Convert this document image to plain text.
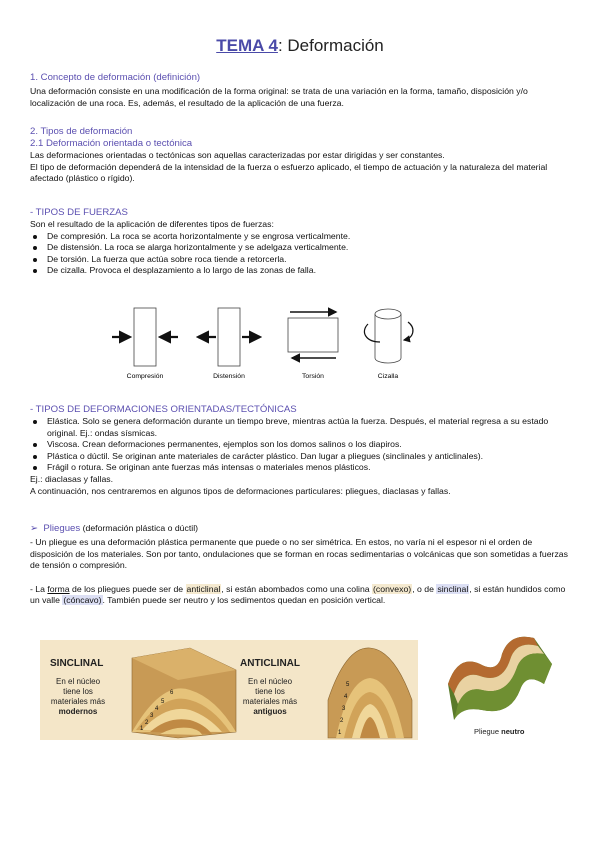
TEMA 4: Deformación
1. Concepto de deformación (definición)

Una deformación consiste en una modificación de la forma original: se trata de una variación en la forma, tamaño, disposición y/o localización de una roca. Es, además, el resultado de la aplicación de una fuerza.

2. Tipos de deformación
2.1 Deformación orientada o tectónica

Las deformaciones orientadas o tectónicas son aquellas caracterizadas por estar dirigidas y ser constantes.

El tipo de deformación dependerá de la intensidad de la fuerza o esfuerzo aplicado, el tiempo de actuación y la naturaleza del material afectado (plástico o rígido).

- TIPOS DE FUERZAS

Son el resultado de la aplicación de diferentes tipos de fuerzas:

De compresión. La roca se acorta horizontalmente y se engrosa verticalmente.
De distensión. La roca se alarga horizontalmente y se adelgaza verticalmente.
De torsión. La fuerza que actúa sobre roca tiende a retorcerla.
De cizalla. Provoca el desplazamiento a lo largo de las zonas de falla.
Compresión	Distensión	Torsión	Cizalla
- TIPOS DE DEFORMACIONES ORIENTADAS/TECTÓNICAS
Elástica. Solo se genera deformación durante un tiempo breve, mientras actúa la fuerza. Después, el material regresa a su estado original. Ej.: ondas sísmicas.
Viscosa. Crean deformaciones permanentes, ejemplos son los domos salinos o los diapiros.
Plástica o dúctil. Se originan ante materiales de carácter plástico. Dan lugar a pliegues (sinclinales y anticlinales).
Frágil o rotura. Se originan ante fuerzas más intensas o materiales menos plásticos.

Ej.: diaclasas y fallas.

A continuación, nos centraremos en algunos tipos de deformaciones particulares: pliegues, diaclasas y fallas.

➢ Pliegues (deformación plástica o dúctil)

- Un pliegue es una deformación plástica permanente que puede o no ser simétrica. En estos, no varía ni el espesor ni el orden de disposición de los materiales. Son por tanto, ondulaciones que se forman en rocas sedimentarias o volcánicas que son sometidas a fuerzas de tensión o compresión.

- La forma de los pliegues puede ser de anticlinal, si están abombados como una colina (convexo), o de sinclinal, si están hundidos como un valle (cóncavo). También puede ser neutro y los sedimentos quedan en posición vertical.

SINCLINAL
En el núcleo
tiene los
materiales más
modernos
1
2
3
4
5
6
ANTICLINAL
En el núcleo
tiene los
materiales más
antiguos
1
2
3
4
5
Pliegue neutro
